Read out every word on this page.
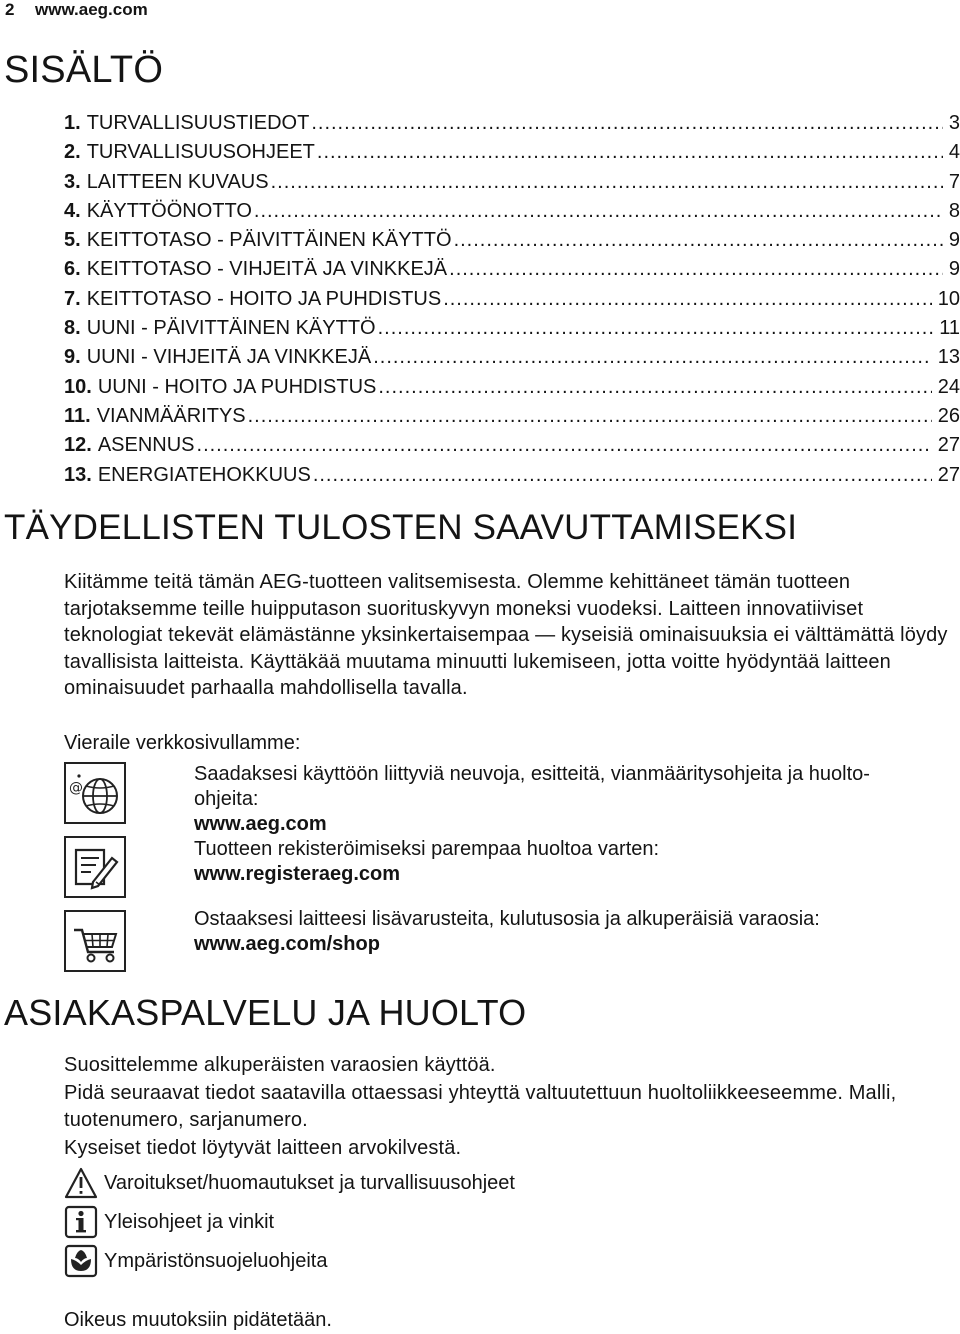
2 www.aeg.com
SISÄLTÖ
1. TURVALLISUUSTIEDOT .....	3
2. TURVALLISUUSOHJEET .....	4
3. LAITTEEN KUVAUS .....	7
4. KÄYTTÖÖNOTTO .....	8
5. KEITTOTASO - PÄIVITTÄINEN KÄYTTÖ .....	9
6. KEITTOTASO - VIHJEITÄ JA VINKKEJÄ .....	9
7. KEITTOTASO - HOITO JA PUHDISTUS .....	10
8. UUNI - PÄIVITTÄINEN KÄYTTÖ .....	11
9. UUNI - VIHJEITÄ JA VINKKEJÄ .....	13
10. UUNI - HOITO JA PUHDISTUS .....	24
11. VIANMÄÄRITYS .....	26
12. ASENNUS .....	27
13. ENERGIATEHOKKUUS .....	27
TÄYDELLISTEN TULOSTEN SAAVUTTAMISEKSI

Kiitämme teitä tämän AEG-tuotteen valitsemisesta. Olemme kehittäneet tämän tuotteen tarjotaksemme teille huipputason suorituskyvyn moneksi vuodeksi. Laitteen innovatiiviset teknologiat tekevät elämästänne yksinkertaisempaa — kyseisiä ominaisuuksia ei välttämättä löydy tavallisista laitteista. Käyttäkää muutama minuutti lukemiseen, jotta voitte hyödyntää laitteen ominaisuudet parhaalla mahdollisella tavalla.

Vieraile verkkosivullamme:
@
Saadaksesi käyttöön liittyviä neuvoja, esitteitä, vianmääritysohjeita ja huolto-ohjeita:
www.aeg.com
Tuotteen rekisteröimiseksi parempaa huoltoa varten:
www.registeraeg.com
Ostaaksesi laitteesi lisävarusteita, kulutusosia ja alkuperäisiä varaosia:
www.aeg.com/shop
ASIAKASPALVELU JA HUOLTO

Suosittelemme alkuperäisten varaosien käyttöä.
Pidä seuraavat tiedot saatavilla ottaessasi yhteyttä valtuutettuun huoltoliikkeeseemme. Malli, tuotenumero, sarjanumero.
Kyseiset tiedot löytyvät laitteen arvokilvestä.

Varoitukset/huomautukset ja turvallisuusohjeet
Yleisohjeet ja vinkit
Ympäristönsuojeluohjeita
Oikeus muutoksiin pidätetään.
